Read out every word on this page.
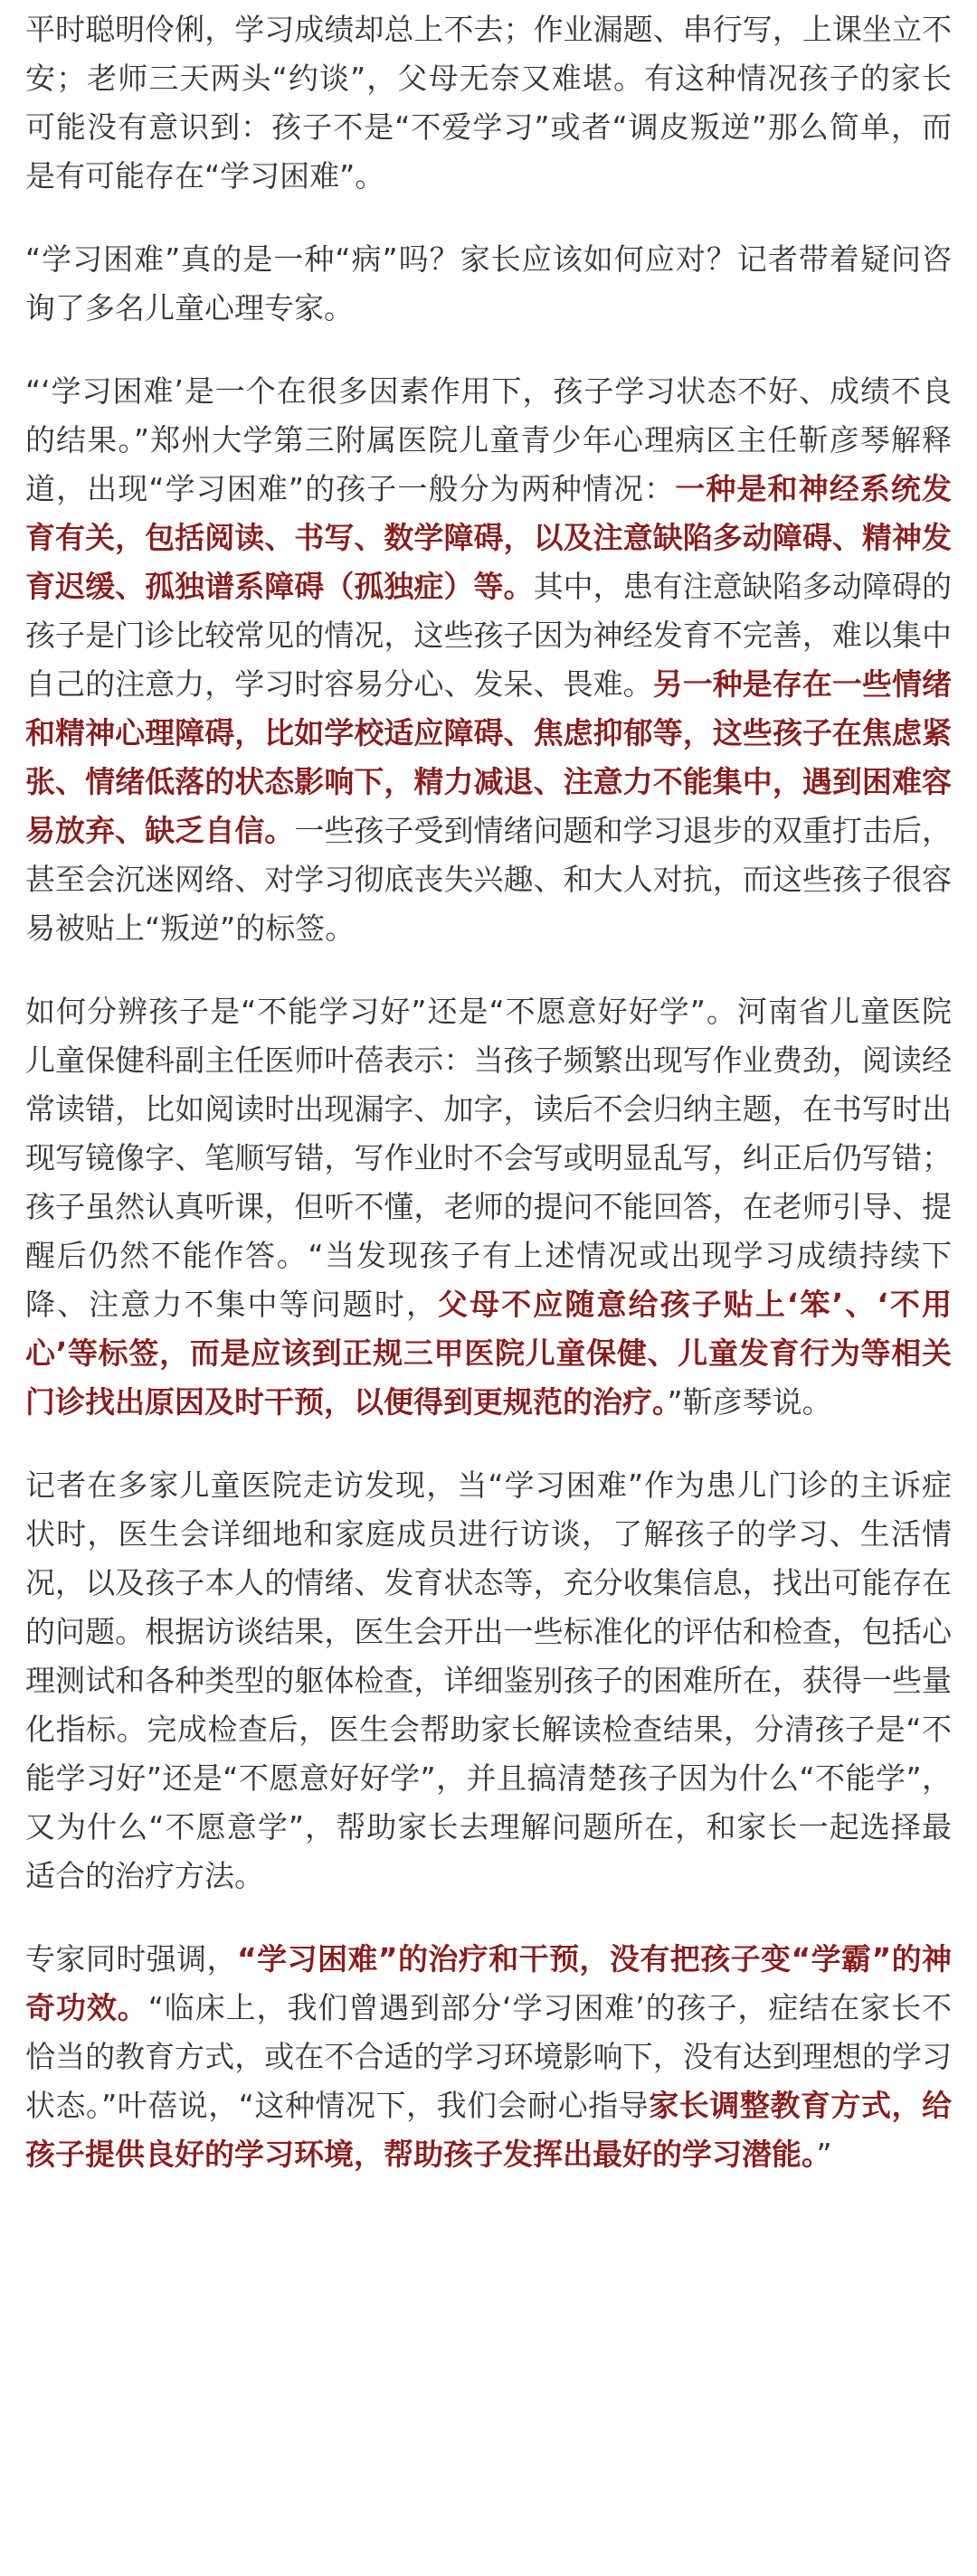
平时聪明伶俐，学习成绩却总上不去；作业漏题、串行写，上课坐立不安；老师三天两头“约谈”，父母无奈又难堪。有这种情况孩子的家长可能没有意识到：孩子不是“不爱学习”或者“调皮叛逆”那么简单，而是有可能存在“学习困难”。

“学习困难”真的是一种“病”吗？家长应该如何应对？记者带着疑问咨询了多名儿童心理专家。

“‘学习困难’是一个在很多因素作用下，孩子学习状态不好、成绩不良的结果。”郑州大学第三附属医院儿童青少年心理病区主任靳彦琴解释道，出现“学习困难”的孩子一般分为两种情况：一种是和神经系统发育有关，包括阅读、书写、数学障碍，以及注意缺陷多动障碍、精神发育迟缓、孤独谱系障碍（孤独症）等。其中，患有注意缺陷多动障碍的孩子是门诊比较常见的情况，这些孩子因为神经发育不完善，难以集中自己的注意力，学习时容易分心、发呆、畏难。另一种是存在一些情绪和精神心理障碍，比如学校适应障碍、焦虑抑郁等，这些孩子在焦虑紧张、情绪低落的状态影响下，精力减退、注意力不能集中，遇到困难容易放弃、缺乏自信。一些孩子受到情绪问题和学习退步的双重打击后，甚至会沉迷网络、对学习彻底丧失兴趣、和大人对抗，而这些孩子很容易被贴上“叛逆”的标签。

如何分辨孩子是“不能学习好”还是“不愿意好好学”。河南省儿童医院儿童保健科副主任医师叶蓓表示：当孩子频繁出现写作业费劲，阅读经常读错，比如阅读时出现漏字、加字，读后不会归纳主题，在书写时出现写镜像字、笔顺写错，写作业时不会写或明显乱写，纠正后仍写错；孩子虽然认真听课，但听不懂，老师的提问不能回答，在老师引导、提醒后仍然不能作答。“当发现孩子有上述情况或出现学习成绩持续下降、注意力不集中等问题时，父母不应随意给孩子贴上‘笨’、‘不用心’等标签，而是应该到正规三甲医院儿童保健、儿童发育行为等相关门诊找出原因及时干预，以便得到更规范的治疗。”靳彦琴说。

记者在多家儿童医院走访发现，当“学习困难”作为患儿门诊的主诉症状时，医生会详细地和家庭成员进行访谈，了解孩子的学习、生活情况，以及孩子本人的情绪、发育状态等，充分收集信息，找出可能存在的问题。根据访谈结果，医生会开出一些标准化的评估和检查，包括心理测试和各种类型的躯体检查，详细鉴别孩子的困难所在，获得一些量化指标。完成检查后，医生会帮助家长解读检查结果，分清孩子是“不能学习好”还是“不愿意好好学”，并且搞清楚孩子因为什么“不能学”，又为什么“不愿意学”，帮助家长去理解问题所在，和家长一起选择最适合的治疗方法。

专家同时强调，“学习困难”的治疗和干预，没有把孩子变“学霸”的神奇功效。“临床上，我们曾遇到部分‘学习困难’的孩子，症结在家长不恰当的教育方式，或在不合适的学习环境影响下，没有达到理想的学习状态。”叶蓓说，“这种情况下，我们会耐心指导家长调整教育方式，给孩子提供良好的学习环境，帮助孩子发挥出最好的学习潜能。”
